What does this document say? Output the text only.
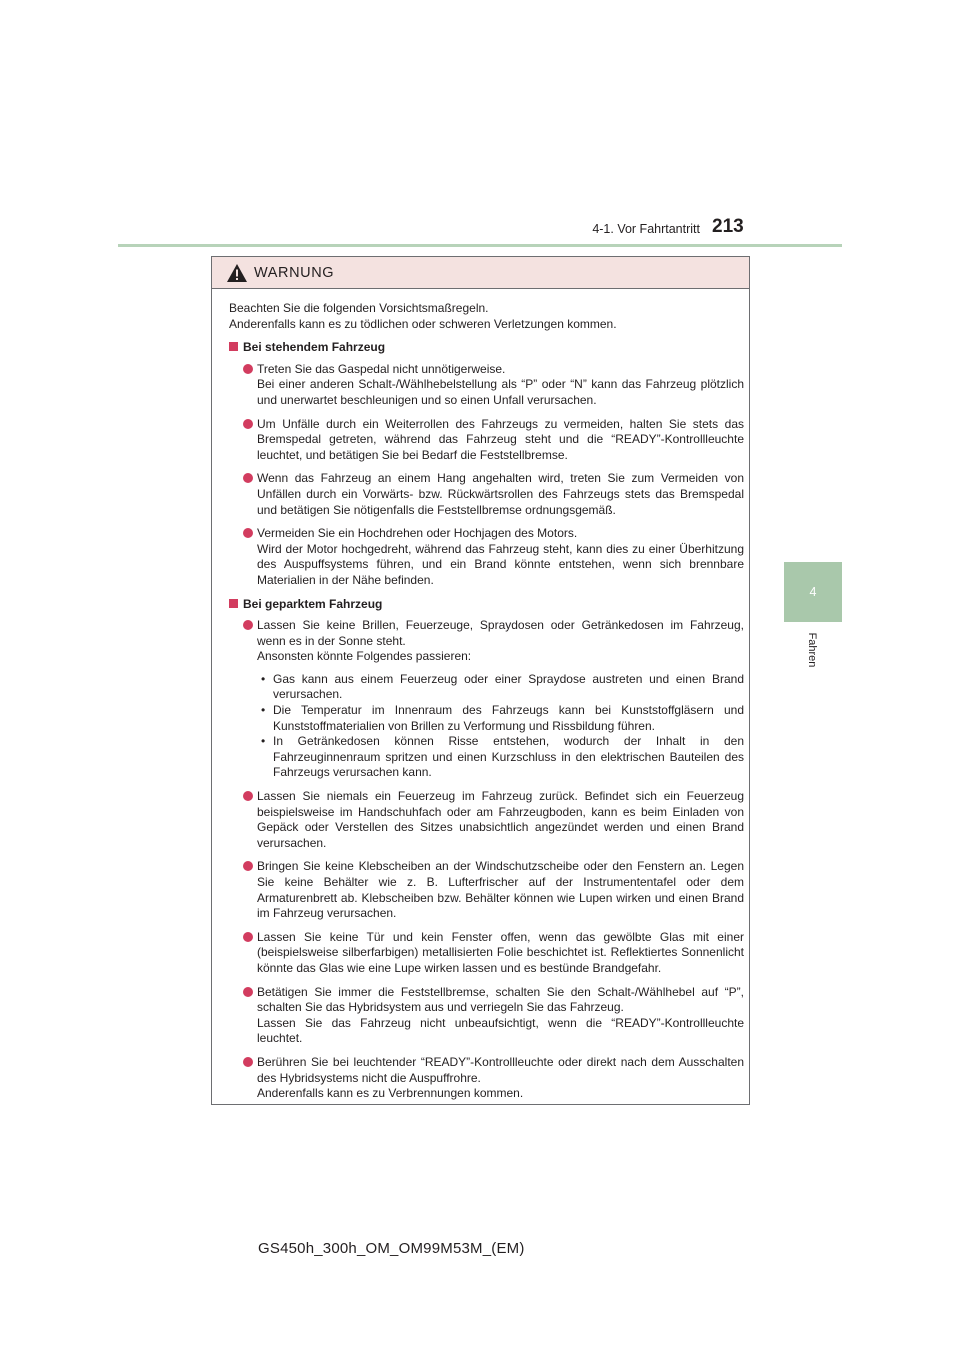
4-1. Vor Fahrtantritt 213
4
Fahren
WARNUNG

Beachten Sie die folgenden Vorsichtsmaßregeln.

Anderenfalls kann es zu tödlichen oder schweren Verletzungen kommen.

Bei stehendem Fahrzeug

Treten Sie das Gaspedal nicht unnötigerweise.

Bei einer anderen Schalt-/Wählhebelstellung als “P” oder “N” kann das Fahrzeug plötzlich und unerwartet beschleunigen und so einen Unfall verursachen.

Um Unfälle durch ein Weiterrollen des Fahrzeugs zu vermeiden, halten Sie stets das Bremspedal getreten, während das Fahrzeug steht und die “READY”-Kontrollleuchte leuchtet, und betätigen Sie bei Bedarf die Feststellbremse.

Wenn das Fahrzeug an einem Hang angehalten wird, treten Sie zum Vermeiden von Unfällen durch ein Vorwärts- bzw. Rückwärtsrollen des Fahrzeugs stets das Bremspedal und betätigen Sie nötigenfalls die Feststellbremse ordnungsgemäß.

Vermeiden Sie ein Hochdrehen oder Hochjagen des Motors.

Wird der Motor hochgedreht, während das Fahrzeug steht, kann dies zu einer Überhitzung des Auspuffsystems führen, und ein Brand könnte entstehen, wenn sich brennbare Materialien in der Nähe befinden.

Bei geparktem Fahrzeug

Lassen Sie keine Brillen, Feuerzeuge, Spraydosen oder Getränkedosen im Fahrzeug, wenn es in der Sonne steht.

Ansonsten könnte Folgendes passieren:

• Gas kann aus einem Feuerzeug oder einer Spraydose austreten und einen Brand verursachen.
• Die Temperatur im Innenraum des Fahrzeugs kann bei Kunststoffgläsern und Kunststoffmaterialien von Brillen zu Verformung und Rissbildung führen.
• In Getränkedosen können Risse entstehen, wodurch der Inhalt in den Fahrzeuginnenraum spritzen und einen Kurzschluss in den elektrischen Bauteilen des Fahrzeugs verursachen kann.

Lassen Sie niemals ein Feuerzeug im Fahrzeug zurück. Befindet sich ein Feuerzeug beispielsweise im Handschuhfach oder am Fahrzeugboden, kann es beim Einladen von Gepäck oder Verstellen des Sitzes unabsichtlich angezündet werden und einen Brand verursachen.

Bringen Sie keine Klebscheiben an der Windschutzscheibe oder den Fenstern an. Legen Sie keine Behälter wie z. B. Lufterfrischer auf der Instrumententafel oder dem Armaturenbrett ab. Klebscheiben bzw. Behälter können wie Lupen wirken und einen Brand im Fahrzeug verursachen.

Lassen Sie keine Tür und kein Fenster offen, wenn das gewölbte Glas mit einer (beispielsweise silberfarbigen) metallisierten Folie beschichtet ist. Reflektiertes Sonnenlicht könnte das Glas wie eine Lupe wirken lassen und es bestünde Brandgefahr.

Betätigen Sie immer die Feststellbremse, schalten Sie den Schalt-/Wählhebel auf “P”, schalten Sie das Hybridsystem aus und verriegeln Sie das Fahrzeug.

Lassen Sie das Fahrzeug nicht unbeaufsichtigt, wenn die “READY”-Kontrollleuchte leuchtet.

Berühren Sie bei leuchtender “READY”-Kontrollleuchte oder direkt nach dem Ausschalten des Hybridsystems nicht die Auspuffrohre.

Anderenfalls kann es zu Verbrennungen kommen.

GS450h_300h_OM_OM99M53M_(EM)
